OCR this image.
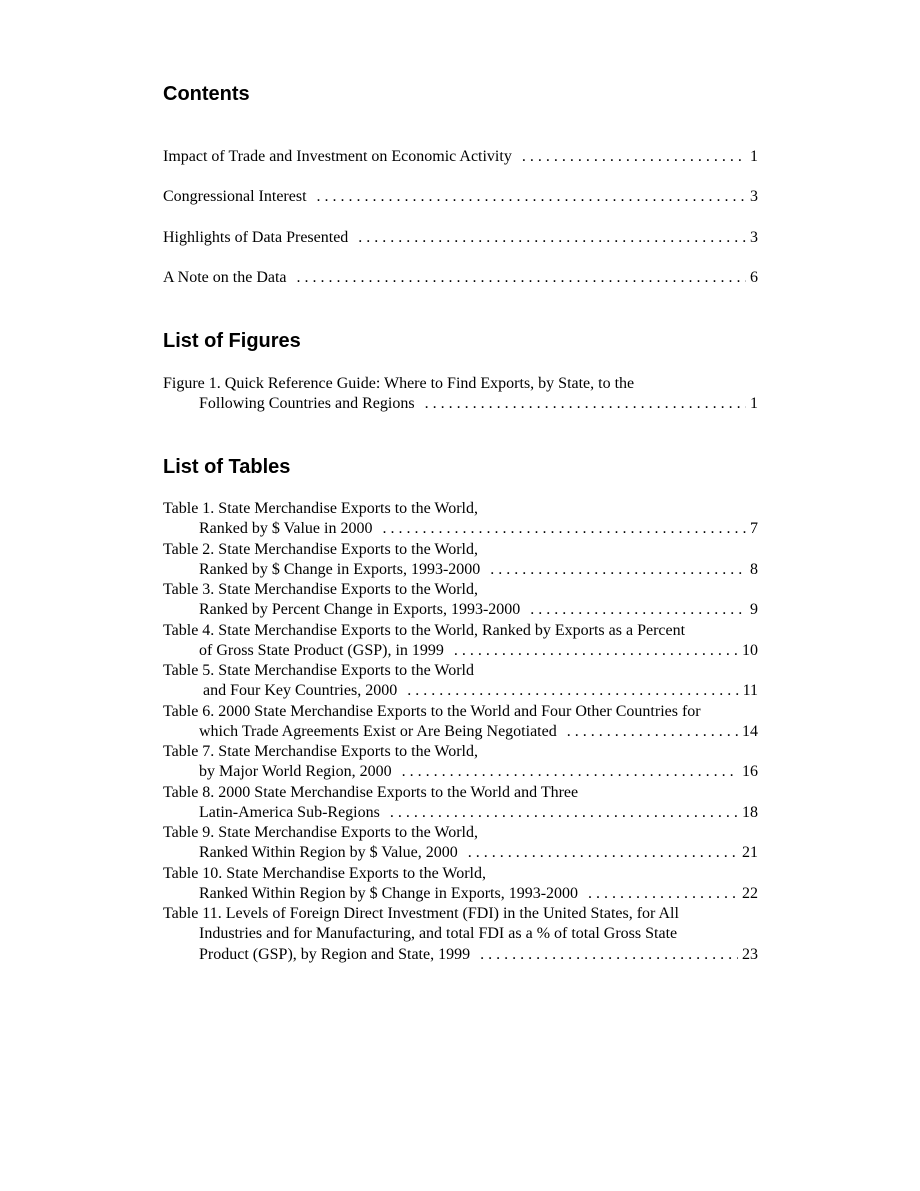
Contents
Impact of Trade and Investment on Economic Activity . . .	1
Congressional Interest . . .	3
Highlights of Data Presented . . .	3
A Note on the Data . . .	6
List of Figures
Figure 1. Quick Reference Guide: Where to Find Exports, by State, to the
Following Countries and Regions . . .	1
List of Tables
Table 1. State Merchandise Exports to the World,
Ranked by $ Value in 2000 . . .	7
Table 2. State Merchandise Exports to the World,
Ranked by $ Change in Exports, 1993-2000 . . .	8
Table 3. State Merchandise Exports to the World,
Ranked by Percent Change in Exports, 1993-2000 . . .	9
Table 4. State Merchandise Exports to the World, Ranked by Exports as a Percent
of Gross State Product (GSP), in 1999 . . .	10
Table 5. State Merchandise Exports to the World
and Four Key Countries, 2000 . . .	11
Table 6. 2000 State Merchandise Exports to the World and Four Other Countries for
which Trade Agreements Exist or Are Being Negotiated . . .	14
Table 7. State Merchandise Exports to the World,
by Major World Region, 2000 . . .	16
Table 8. 2000 State Merchandise Exports to the World and Three
Latin-America Sub-Regions . . .	18
Table 9. State Merchandise Exports to the World,
Ranked Within Region by $ Value, 2000 . . .	21
Table 10. State Merchandise Exports to the World,
Ranked Within Region by $ Change in Exports, 1993-2000 . . .	22
Table 11. Levels of Foreign Direct Investment (FDI) in the United States, for All
Industries and for Manufacturing, and total FDI as a % of total Gross State
Product (GSP), by Region and State, 1999 . . .	23
